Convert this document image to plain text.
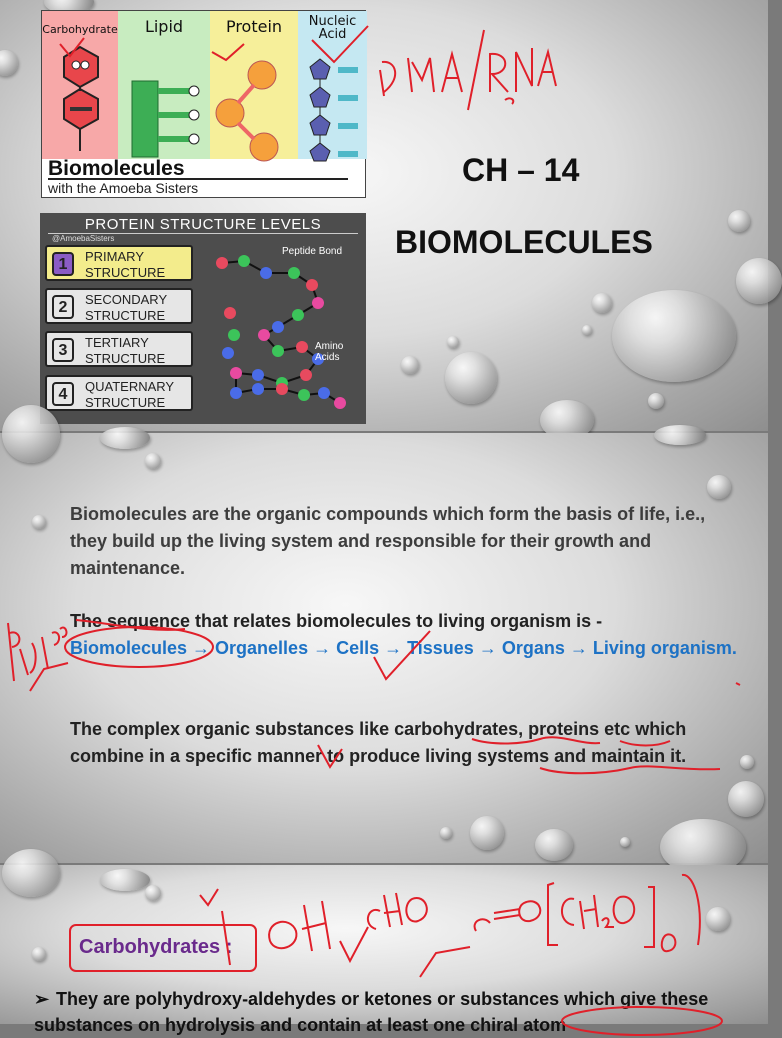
Carbohydrate	Lipid	Protein	Nucleic Acid
Biomolecules
with the Amoeba Sisters
PROTEIN STRUCTURE LEVELS
@AmoebaSisters
1	PRIMARY STRUCTURE
2	SECONDARY STRUCTURE
3	TERTIARY STRUCTURE
4	QUATERNARY STRUCTURE
Peptide Bond
Amino Acids
CH – 14
BIOMOLECULES
Biomolecules are the organic compounds which form the basis of life, i.e., they build up the living system and responsible for their growth and maintenance.
The sequence that relates biomolecules to living organism is -
Biomolecules → Organelles → Cells → Tissues → Organs → Living organism.
The complex organic substances like carbohydrates, proteins etc which combine in a specific manner to produce living systems and maintain it.
Carbohydrates :
➢ They are polyhydroxy-aldehydes or ketones or substances which give these substances on hydrolysis and contain at least one chiral atom
